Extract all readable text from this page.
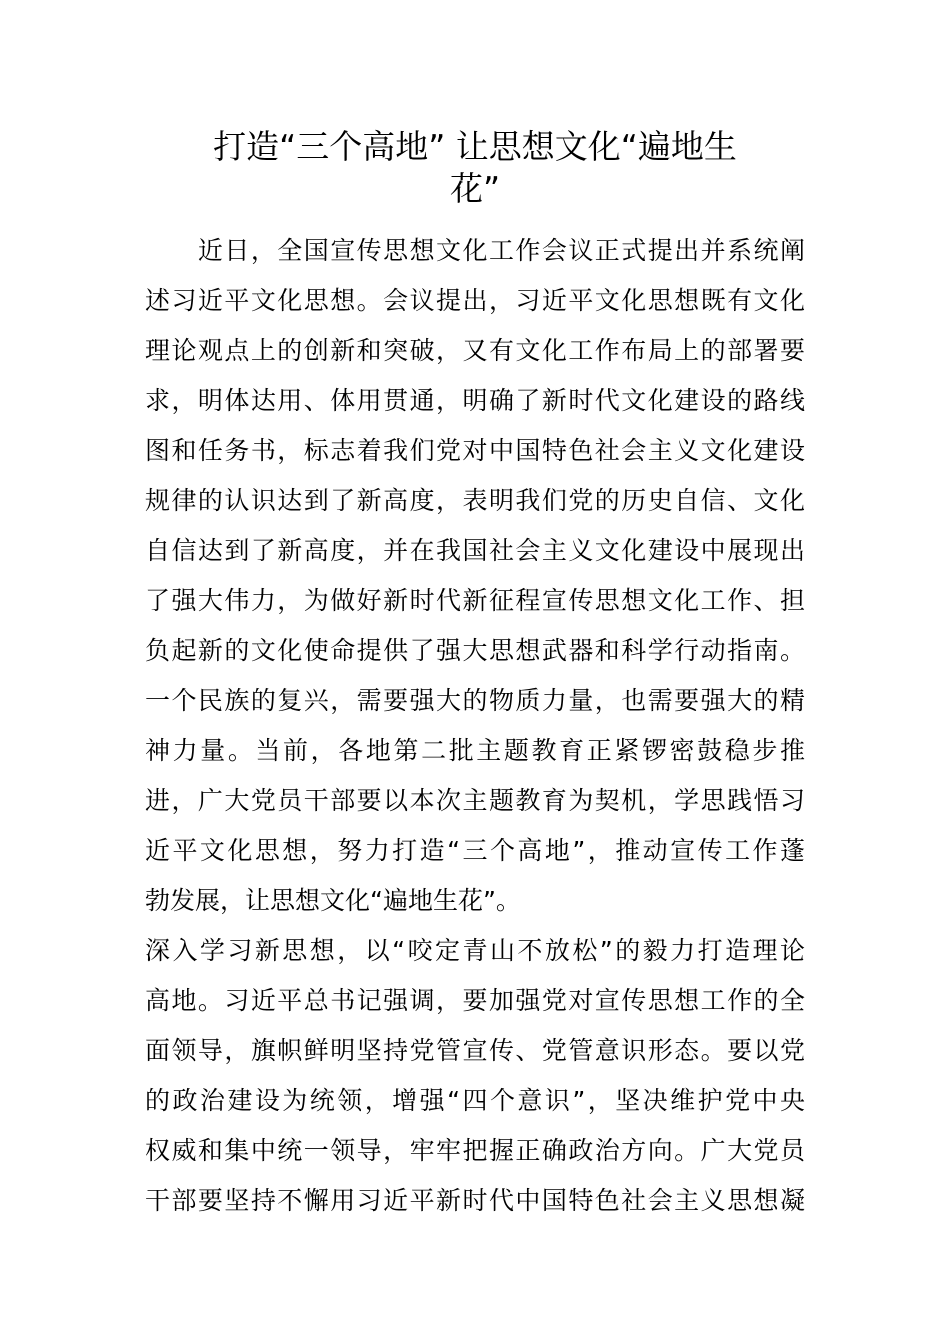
打造“三个高地” 让思想文化“遍地生
花”

　　近日，全国宣传思想文化工作会议正式提出并系统阐
述习近平文化思想。会议提出，习近平文化思想既有文化
理论观点上的创新和突破，又有文化工作布局上的部署要
求，明体达用、体用贯通，明确了新时代文化建设的路线
图和任务书，标志着我们党对中国特色社会主义文化建设
规律的认识达到了新高度，表明我们党的历史自信、文化
自信达到了新高度，并在我国社会主义文化建设中展现出
了强大伟力，为做好新时代新征程宣传思想文化工作、担
负起新的文化使命提供了强大思想武器和科学行动指南。

一个民族的复兴，需要强大的物质力量，也需要强大的精
神力量。当前，各地第二批主题教育正紧锣密鼓稳步推
进，广大党员干部要以本次主题教育为契机，学思践悟习
近平文化思想，努力打造“三个高地”，推动宣传工作蓬
勃发展，让思想文化“遍地生花”。

深入学习新思想，以“咬定青山不放松”的毅力打造理论
高地。习近平总书记强调，要加强党对宣传思想工作的全
面领导，旗帜鲜明坚持党管宣传、党管意识形态。要以党
的政治建设为统领，增强“四个意识”，坚决维护党中央
权威和集中统一领导，牢牢把握正确政治方向。广大党员
干部要坚持不懈用习近平新时代中国特色社会主义思想凝
